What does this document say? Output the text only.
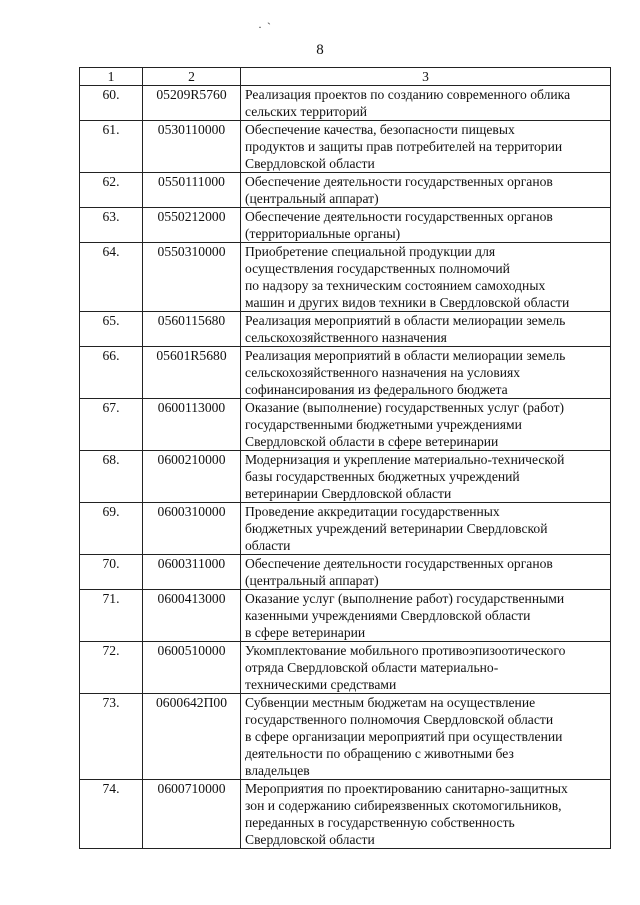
· `
8
1	2	3
60.	05209R5760	Реализация проектов по созданию современного облика
сельских территорий

61.	0530110000	Обеспечение качества, безопасности пищевых
продуктов и защиты прав потребителей на территории
Свердловской области

62.	0550111000	Обеспечение деятельности государственных органов
(центральный аппарат)

63.	0550212000	Обеспечение деятельности государственных органов
(территориальные органы)

64.	0550310000	Приобретение специальной продукции для
осуществления государственных полномочий
по надзору за техническим состоянием самоходных
машин и других видов техники в Свердловской области

65.	0560115680	Реализация мероприятий в области мелиорации земель
сельскохозяйственного назначения

66.	05601R5680	Реализация мероприятий в области мелиорации земель
сельскохозяйственного назначения на условиях
софинансирования из федерального бюджета

67.	0600113000	Оказание (выполнение) государственных услуг (работ)
государственными бюджетными учреждениями
Свердловской области в сфере ветеринарии

68.	0600210000	Модернизация и укрепление материально-технической
базы государственных бюджетных учреждений
ветеринарии Свердловской области

69.	0600310000	Проведение аккредитации государственных
бюджетных учреждений ветеринарии Свердловской
области

70.	0600311000	Обеспечение деятельности государственных органов
(центральный аппарат)

71.	0600413000	Оказание услуг (выполнение работ) государственными
казенными учреждениями Свердловской области
в сфере ветеринарии

72.	0600510000	Укомплектование мобильного противоэпизоотического
отряда Свердловской области материально-
техническими средствами

73.	0600642П00	Субвенции местным бюджетам на осуществление
государственного полномочия Свердловской области
в сфере организации мероприятий при осуществлении
деятельности по обращению с животными без
владельцев

74.	0600710000	Мероприятия по проектированию санитарно-защитных
зон и содержанию сибиреязвенных скотомогильников,
переданных в государственную собственность
Свердловской области
